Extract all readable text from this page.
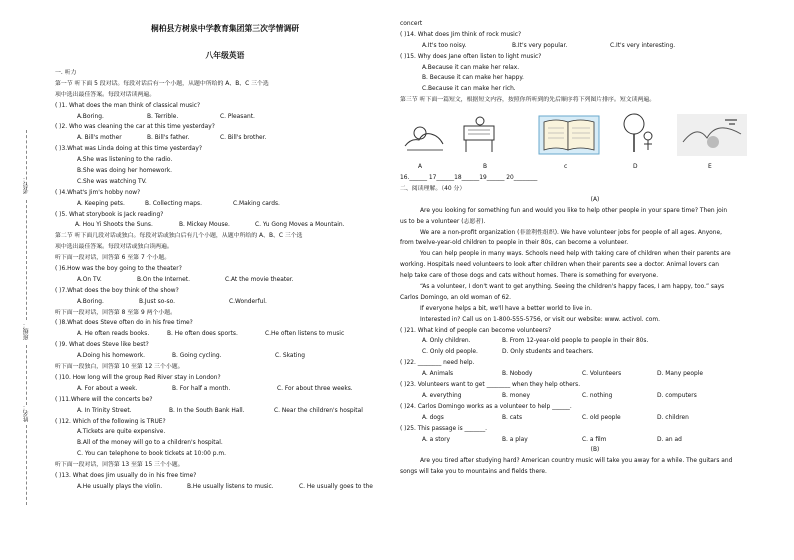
考号：
班级：
姓名：
桐柏县方树泉中学教育集团第三次学情调研
八年级英语
一. 听力
第一节 听下面 5 段对话。每段对话后有一个小题，从题中所给的 A、B、C 三个选
项中选出最佳答案。每段对话读两遍。
( )1. What does the man think of classical music?
A.Boring.	B. Terrible.	C. Pleasant.
( )2. Who was cleaning the car at this time yesterday?
A. Bill's mother	B. Bill's father.	C. Bill's brother.
( )3.What was Linda doing at this time yesterday?
A.She was listening to the radio.
B.She was doing her homework.
C.She was watching TV.
( )4.What's Jim's hobby now?
A. Keeping pets.	B. Collecting maps.	C.Making cards.
( )5. What storybook is Jack reading?
A. Hou Yi Shoots the Suns.	B. Mickey Mouse.	C. Yu Gong Moves a Mountain.
第二节 听下面几段对话或独白。每段对话或独白后有几个小题，从题中所给的 A、B、C 三个选
项中选出最佳答案。每段对话或独白读两遍。
听下面一段对话，回答第 6 至第 7 个小题。
( )6.How was the boy going to the theater?
A.On TV.	B.On the Internet.	C.At the movie theater.
( )7.What does the boy think of the show?
A.Boring.	B.Just so-so.	C.Wonderful.
听下面一段对话，回答第 8 至第 9 两个小题。
( )8.What does Steve often do in his free time?
A. He often reads books.	B. He often does sports.	C.He often listens to music
( )9. What does Steve like best?
A.Doing his homework.	B. Going cycling.	C. Skating
听下面一段独白，回答第 10 至第 12 三个小题。
( )10. How long will the group Red River stay in London?
A. For about a week.	B. For half a month.	C. For about three weeks.
( )11.Where will the concerts be?
A. In Trinity Street.	B. In the South Bank Hall.	C. Near the children's hospital
( )12. Which of the following is TRUE?
A.Tickets are quite expensive.
B.All of the money will go to a children's hospital.
C. You can telephone to book tickets at 10:00 p.m.
听下面一段对话，回答第 13 至第 15 三个小题。
( )13. What does Jim usually do in his free time?
A.He usually plays the violin.	B.He usually listens to music.	C. He usually goes to the
concert
( )14. What does Jim think of rock music?
A.It's too noisy.	B.It's very popular.	C.It's very interesting.
( )15. Why does Jane often listen to light music?
A.Because it can make her relax.
B. Because it can make her happy.
C.Because it can make her rich.
第三节 听下面一篇短文，根据短文内容，按照你所听到的先后顺序将下列图片排序。短文读两遍。
A	B	c	D	E
16.______ 17______18______19______ 20________
二、阅读理解。（40 分）
(A)
Are you looking for something fun and would you like to help other people in your spare time? Then join
us to be a volunteer (志愿者).
We are a non-profit organization (非盈利性组织). We have volunteer jobs for people of all ages. Anyone,
from twelve-year-old children to people in their 80s, can become a volunteer.
You can help people in many ways. Schools need help with taking care of children when their parents are
working. Hospitals need volunteers to look after children when their parents see a doctor. Animal lovers can
help take care of those dogs and cats without homes. There is something for everyone.
“As a volunteer, I don't want to get anything. Seeing the children's happy faces, I am happy, too.” says
Carlos Domingo, an old woman of 62.
If everyone helps a bit, we'll have a better world to live in.
Interested in? Call us on 1-800-555-5756, or visit our website: www. activol. com.
( )21. What kind of people can become volunteers?
A. Only children.	B. From 12-year-old people to people in their 80s.
C. Only old people.	D. Only students and teachers.
( )22. ________ need help.
A. Animals	B. Nobody	C. Volunteers	D. Many people
( )23. Volunteers want to get ________ when they help others.
A. everything	B. money	C. nothing	D. computers
( )24. Carlos Domingo works as a volunteer to help ______.
A. dogs	B. cats	C. old people	D. children
( )25. This passage is _______.
A. a story	B. a play	C. a film	D. an ad
(B)
Are you tired after studying hard? American country music will take you away for a while. The guitars and
songs will take you to mountains and fields there.
